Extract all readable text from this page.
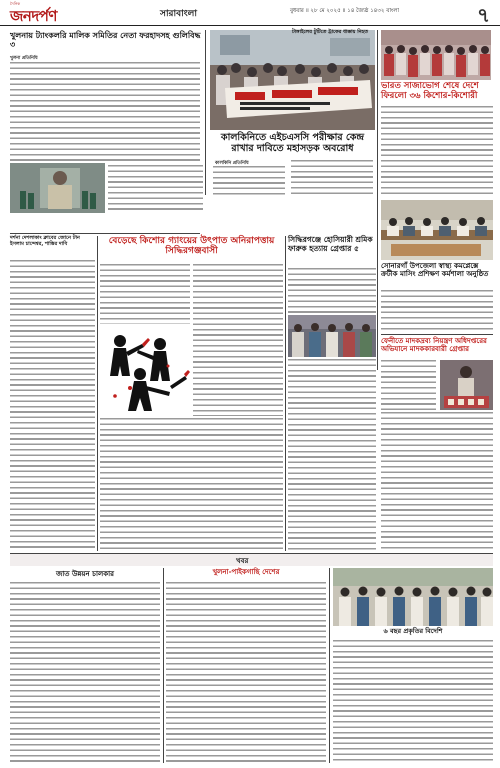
দৈনিক
জনদর্পণ	সারাবাংলা	বুধবার ॥ ২৮ মে ২০২৫ ॥ ১৪ জ্যৈষ্ঠ ১৪৩২ বাংলা	৭
খুলনায় ট্যাংকলরি মালিক সমিতির নেতা ফরহাদসহ গুলিবিদ্ধ ৩
খুলনা প্রতিনিধি
কালকিনিতে এইচএসসি পরীক্ষার কেন্দ্র রাখার দাবিতে মহাসড়ক অবরোধ
কালকিনি প্রতিনিধি
টাঙ্গাইলের টুটিতে ট্রাকের ধাক্কায় নিহত
ভারত সাজাভোগ শেষে দেশে ফিরলো ৩৬ কিশোর-কিশোরী
দর্শনা দেশলাকাং ক্লাবের জোনে টান ইসলাম চান্দেশ্বর, শাস্তির দাবি	বেড়েছে কিশোর গ্যাংয়ের উৎপাত অনিরাপত্তায় সিদ্ধিরগঞ্জবাসী
সিদ্ধিরগঞ্জে হোসিয়ারী শ্রমিক ফারুক হত্যায় গ্রেপ্তার ৫
সোনারগাঁ উপজেলা স্বাস্থ্য কমপ্লেক্সে ক্রটীক মাসিং প্রশিক্ষণ কর্মশালা অনুষ্ঠিত
ফেনীতে মাদকদ্রব্য নিয়ন্ত্রণ অধিদপ্তরের অভিযানে মাদককারবারী গ্রেপ্তার
খবর
জাত উন্নয়ন চালকার	খুলনা-পাইকগাছি দেশের
৬ বছর প্রকৃতির বিদেশি
